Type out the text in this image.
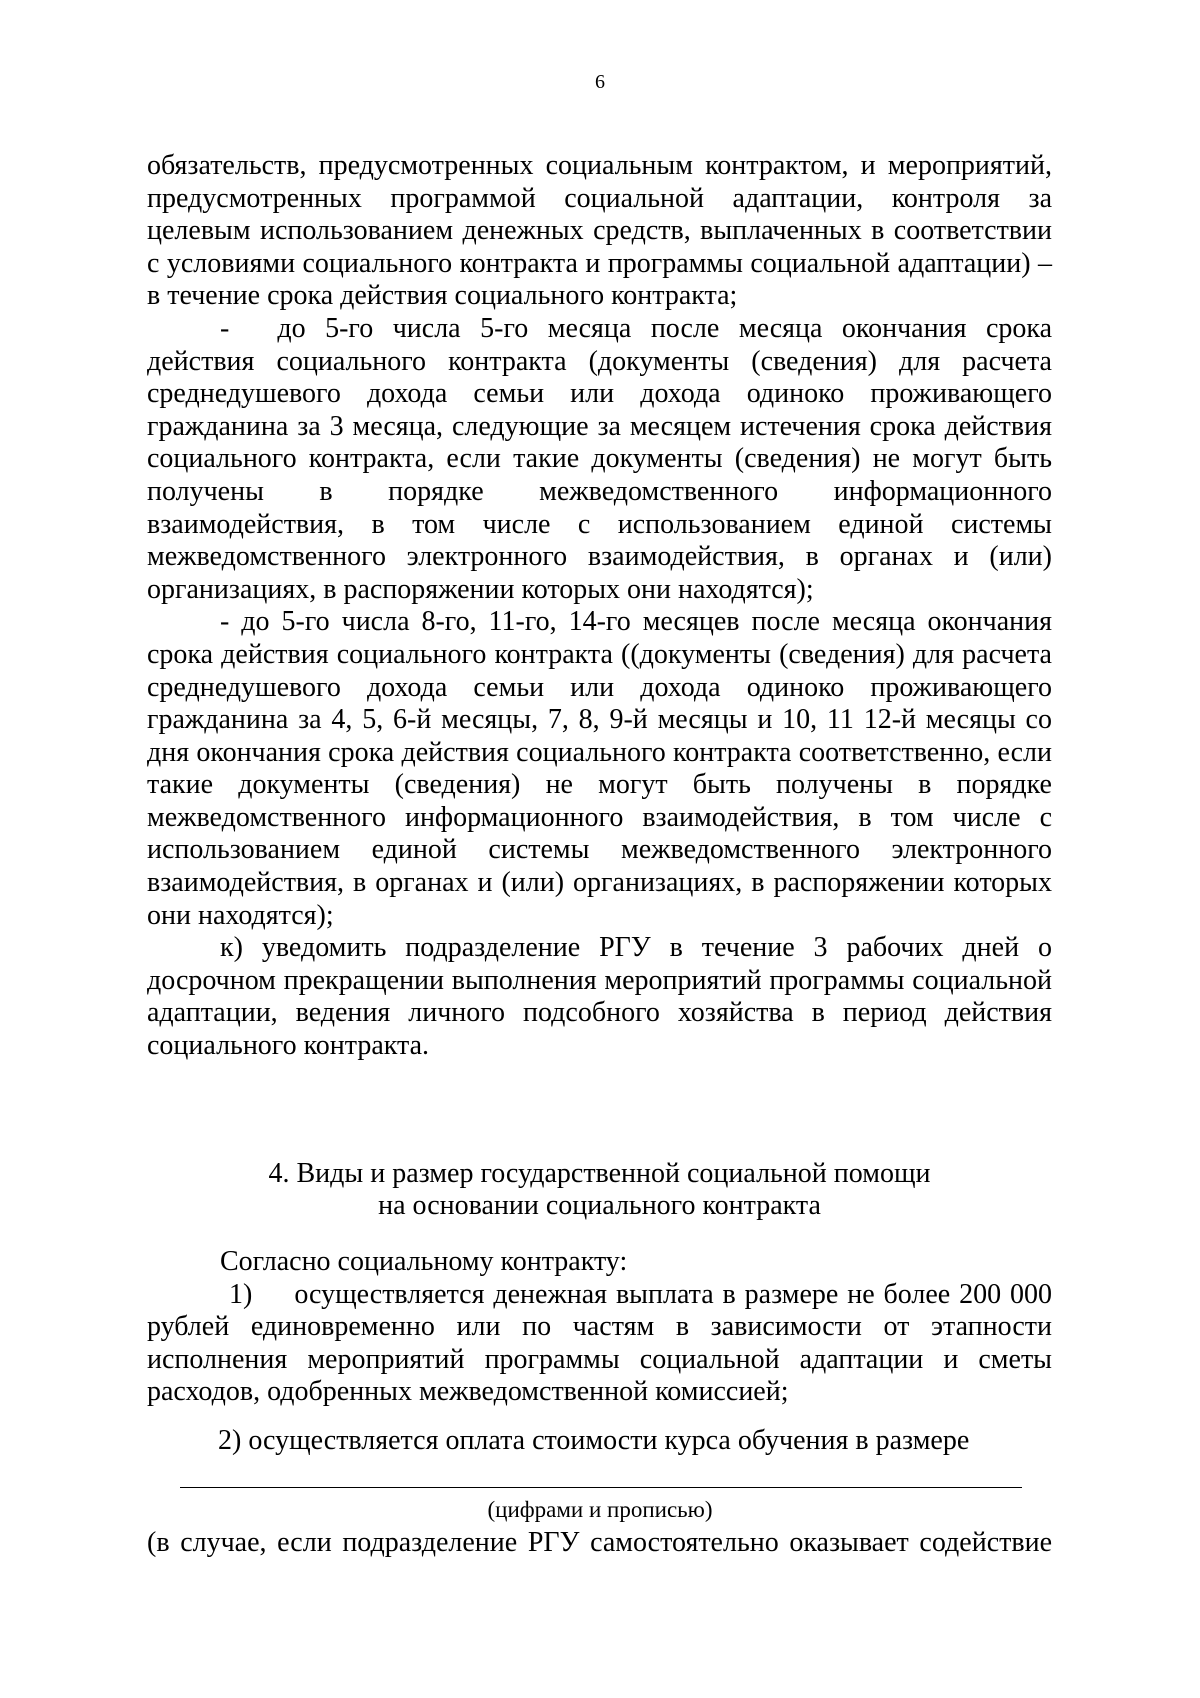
6

обязательств, предусмотренных социальным контрактом, и мероприятий, предусмотренных программой социальной адаптации, контроля за целевым использованием денежных средств, выплаченных в соответствии с условиями социального контракта и программы социальной адаптации) – в течение срока действия социального контракта;

- до 5-го числа 5-го месяца после месяца окончания срока действия социального контракта (документы (сведения) для расчета среднедушевого дохода семьи или дохода одиноко проживающего гражданина за 3 месяца, следующие за месяцем истечения срока действия социального контракта, если такие документы (сведения) не могут быть получены в порядке межведомственного информационного взаимодействия, в том числе с использованием единой системы межведомственного электронного взаимодействия, в органах и (или) организациях, в распоряжении которых они находятся);

- до 5-го числа 8-го, 11-го, 14-го месяцев после месяца окончания срока действия социального контракта ((документы (сведения) для расчета среднедушевого дохода семьи или дохода одиноко проживающего гражданина за 4, 5, 6-й месяцы, 7, 8, 9-й месяцы и 10, 11 12-й месяцы со дня окончания срока действия социального контракта соответственно, если такие документы (сведения) не могут быть получены в порядке межведомственного информационного взаимодействия, в том числе с использованием единой системы межведомственного электронного взаимодействия, в органах и (или) организациях, в распоряжении которых они находятся);

к) уведомить подразделение РГУ в течение 3 рабочих дней о досрочном прекращении выполнения мероприятий программы социальной адаптации, ведения личного подсобного хозяйства в период действия социального контракта.

4. Виды и размер государственной социальной помощи
на основании социального контракта

Согласно социальному контракту:

1) осуществляется денежная выплата в размере не более 200 000 рублей единовременно или по частям в зависимости от этапности исполнения мероприятий программы социальной адаптации и сметы расходов, одобренных межведомственной комиссией;

2) осуществляется оплата стоимости курса обучения в размере

(цифрами и прописью)
(в случае, если подразделение РГУ самостоятельно оказывает содействие
